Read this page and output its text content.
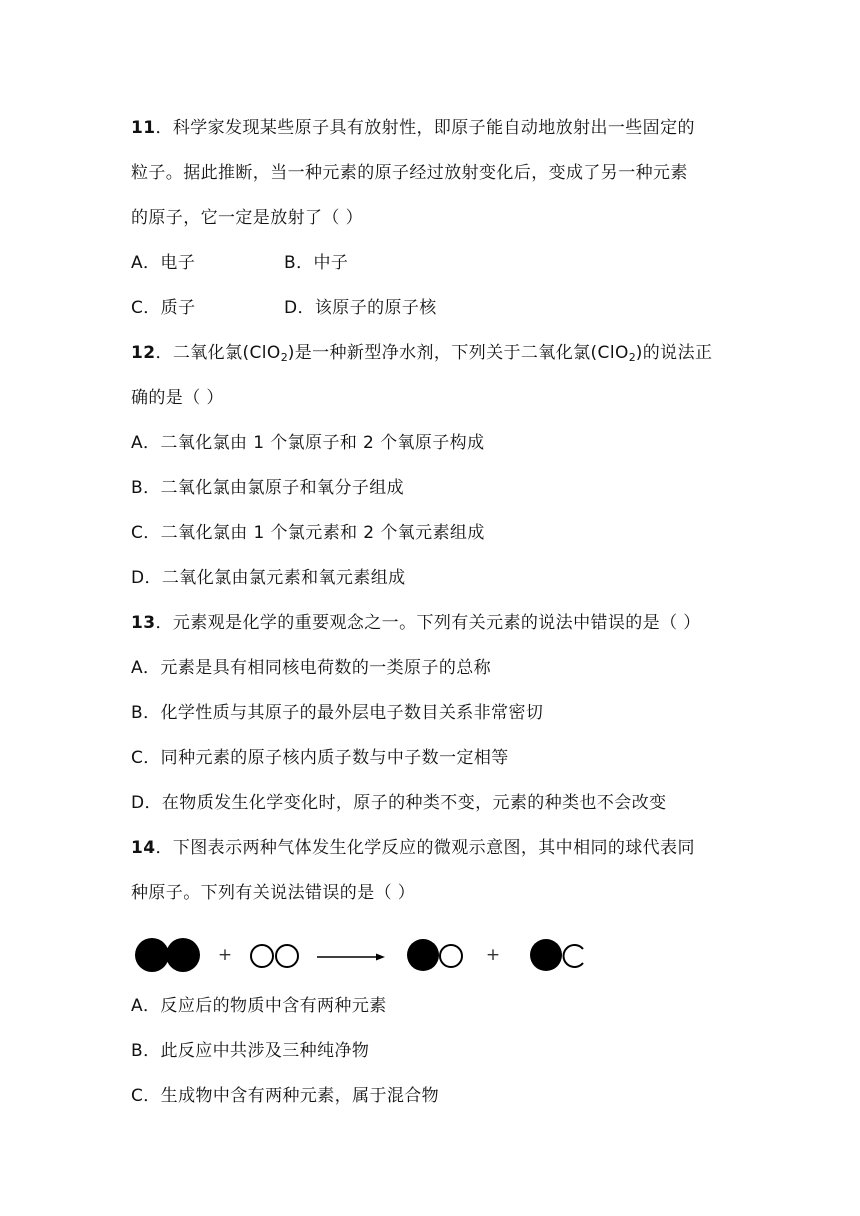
11．科学家发现某些原子具有放射性，即原子能自动地放射出一些固定的
粒子。据此推断，当一种元素的原子经过放射变化后，变成了另一种元素
的原子，它一定是放射了（ ）
A．电子	B．中子
C．质子	D．该原子的原子核
12．二氧化氯(ClO$_2$)是一种新型净水剂，下列关于二氧化氯(ClO$_2$)的说法正
确的是（ ）
A．二氧化氯由 1 个氯原子和 2 个氧原子构成
B．二氧化氯由氯原子和氧分子组成
C．二氧化氯由 1 个氯元素和 2 个氧元素组成
D．二氧化氯由氯元素和氧元素组成
13．元素观是化学的重要观念之一。下列有关元素的说法中错误的是（ ）
A．元素是具有相同核电荷数的一类原子的总称
B．化学性质与其原子的最外层电子数目关系非常密切
C．同种元素的原子核内质子数与中子数一定相等
D．在物质发生化学变化时，原子的种类不变，元素的种类也不会改变
14．下图表示两种气体发生化学反应的微观示意图，其中相同的球代表同
种原子。下列有关说法错误的是（ ）
+	+
A．反应后的物质中含有两种元素
B．此反应中共涉及三种纯净物
C．生成物中含有两种元素，属于混合物
